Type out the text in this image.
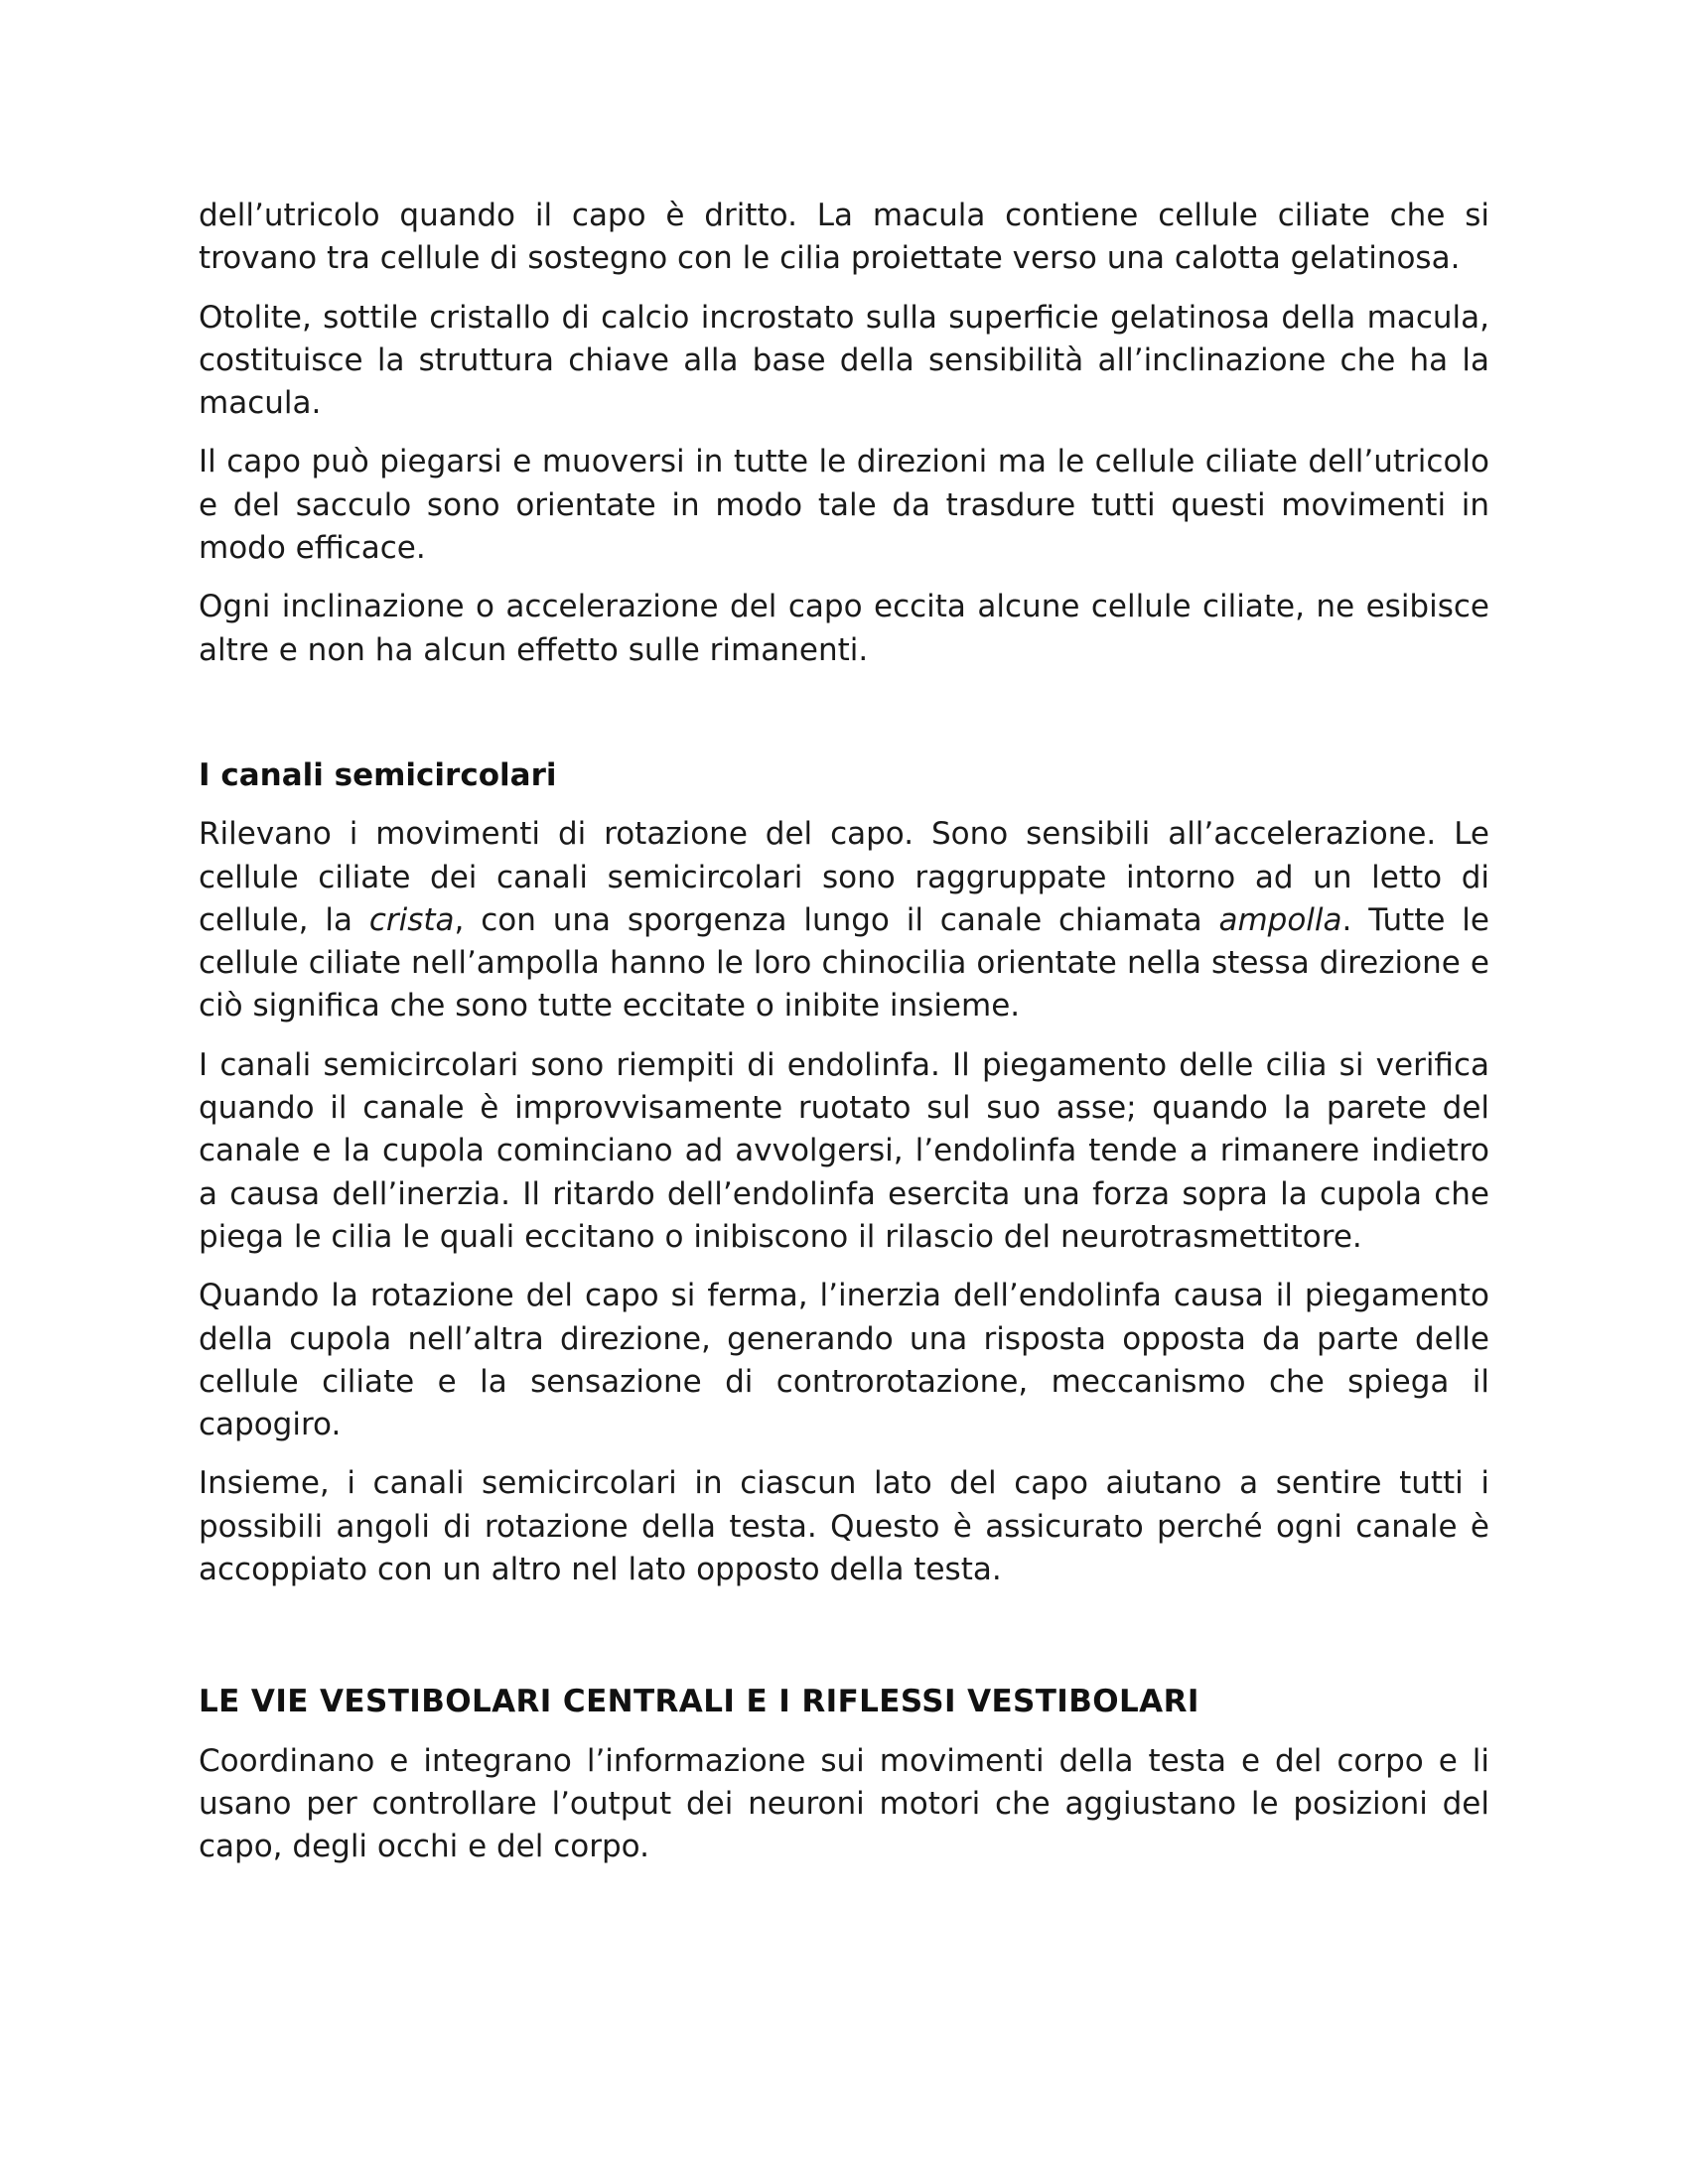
dell’utricolo quando il capo è dritto. La macula contiene cellule ciliate che si trovano tra cellule di sostegno con le cilia proiettate verso una calotta gelatinosa.

Otolite, sottile cristallo di calcio incrostato sulla superficie gelatinosa della macula, costituisce la struttura chiave alla base della sensibilità all’inclinazione che ha la macula.

Il capo può piegarsi e muoversi in tutte le direzioni ma le cellule ciliate dell’utricolo e del sacculo sono orientate in modo tale da trasdure tutti questi movimenti in modo efficace.

Ogni inclinazione o accelerazione del capo eccita alcune cellule ciliate, ne esibisce altre e non ha alcun effetto sulle rimanenti.

I canali semicircolari

Rilevano i movimenti di rotazione del capo. Sono sensibili all’accelerazione. Le cellule ciliate dei canali semicircolari sono raggruppate intorno ad un letto di cellule, la crista, con una sporgenza lungo il canale chiamata ampolla. Tutte le cellule ciliate nell’ampolla hanno le loro chinocilia orientate nella stessa direzione e ciò significa che sono tutte eccitate o inibite insieme.

I canali semicircolari sono riempiti di endolinfa. Il piegamento delle cilia si verifica quando il canale è improvvisamente ruotato sul suo asse; quando la parete del canale e la cupola cominciano ad avvolgersi, l’endolinfa tende a rimanere indietro a causa dell’inerzia. Il ritardo dell’endolinfa esercita una forza sopra la cupola che piega le cilia le quali eccitano o inibiscono il rilascio del neurotrasmettitore.

Quando la rotazione del capo si ferma, l’inerzia dell’endolinfa causa il piegamento della cupola nell’altra direzione, generando una risposta opposta da parte delle cellule ciliate e la sensazione di controrotazione, meccanismo che spiega il capogiro.

Insieme, i canali semicircolari in ciascun lato del capo aiutano a sentire tutti i possibili angoli di rotazione della testa. Questo è assicurato perché ogni canale è accoppiato con un altro nel lato opposto della testa.

LE VIE VESTIBOLARI CENTRALI E I RIFLESSI VESTIBOLARI

Coordinano e integrano l’informazione sui movimenti della testa e del corpo e li usano per controllare l’output dei neuroni motori che aggiustano le posizioni del capo, degli occhi e del corpo.
